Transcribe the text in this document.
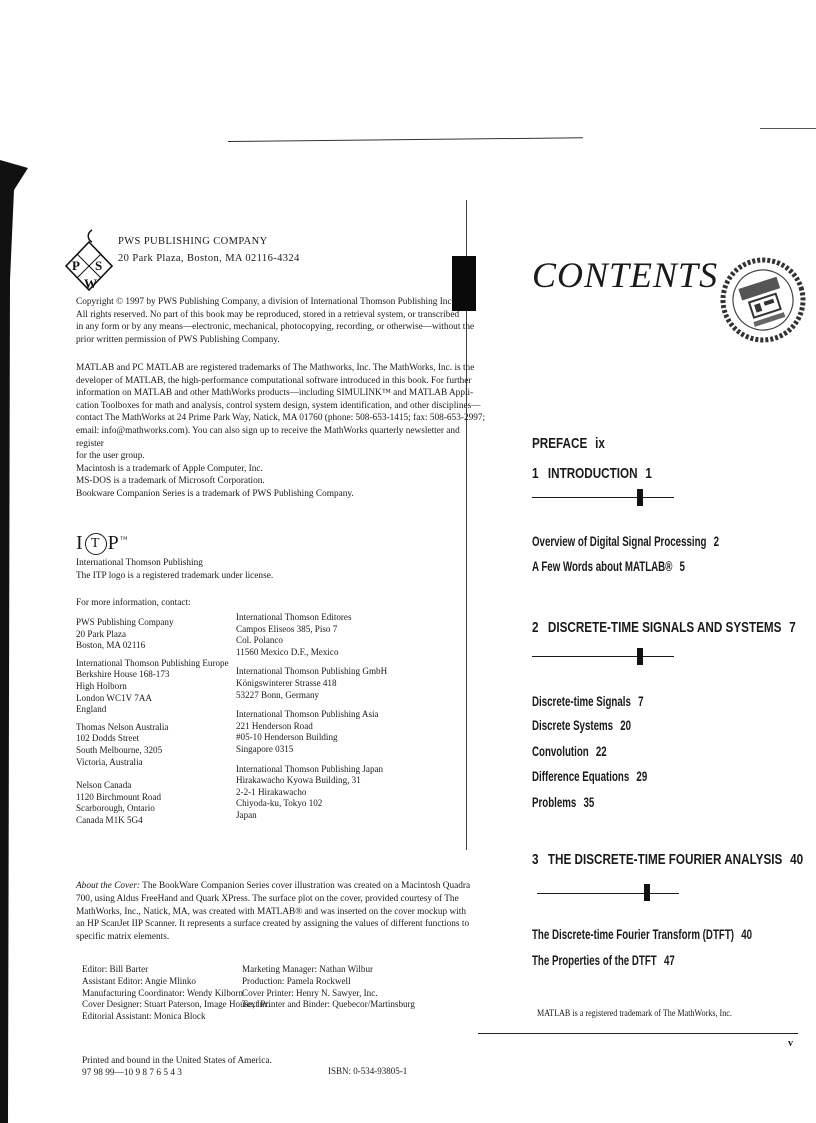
P S
W
PWS PUBLISHING COMPANY
20 Park Plaza, Boston, MA 02116-4324

Copyright © 1997 by PWS Publishing Company, a division of International Thomson Publishing Inc.

All rights reserved. No part of this book may be reproduced, stored in a retrieval system, or transcribed

in any form or by any means—electronic, mechanical, photocopying, recording, or otherwise—without the

prior written permission of PWS Publishing Company.

MATLAB and PC MATLAB are registered trademarks of The Mathworks, Inc. The MathWorks, Inc. is the

developer of MATLAB, the high-performance computational software introduced in this book. For further

information on MATLAB and other MathWorks products—including SIMULINK™ and MATLAB Appli-

cation Toolboxes for math and analysis, control system design, system identification, and other disciplines—

contact The MathWorks at 24 Prime Park Way, Natick, MA 01760 (phone: 508-653-1415; fax: 508-653-2997;

email: info@mathworks.com). You can also sign up to receive the MathWorks quarterly newsletter and register

for the user group.

Macintosh is a trademark of Apple Computer, Inc.

MS-DOS is a trademark of Microsoft Corporation.

Bookware Companion Series is a trademark of PWS Publishing Company.

I T P™

International Thomson Publishing

The ITP logo is a registered trademark under license.

For more information, contact:
PWS Publishing Company
20 Park Plaza
Boston, MA 02116
International Thomson Publishing Europe
Berkshire House 168-173
High Holborn
London WC1V 7AA
England
Thomas Nelson Australia
102 Dodds Street
South Melbourne, 3205
Victoria, Australia
Nelson Canada
1120 Birchmount Road
Scarborough, Ontario
Canada M1K 5G4
International Thomson Editores
Campos Eliseos 385, Piso 7
Col. Polanco
11560 Mexico D.F., Mexico
International Thomson Publishing GmbH
Königswinterer Strasse 418
53227 Bonn, Germany
International Thomson Publishing Asia
221 Henderson Road
#05-10 Henderson Building
Singapore 0315
International Thomson Publishing Japan
Hirakawacho Kyowa Building, 31
2-2-1 Hirakawacho
Chiyoda-ku, Tokyo 102
Japan
About the Cover: The BookWare Companion Series cover illustration was created on a Macintosh Quadra
700, using Aldus FreeHand and Quark XPress. The surface plot on the cover, provided courtesy of The
MathWorks, Inc., Natick, MA, was created with MATLAB® and was inserted on the cover mockup with
an HP ScanJet IIP Scanner. It represents a surface created by assigning the values of different functions to
specific matrix elements.
Editor: Bill Barter
Assistant Editor: Angie Mlinko
Manufacturing Coordinator: Wendy Kilborn
Cover Designer: Stuart Paterson, Image House, Inc.
Editorial Assistant: Monica Block
Marketing Manager: Nathan Wilbur
Production: Pamela Rockwell
Cover Printer: Henry N. Sawyer, Inc.
Text Printer and Binder: Quebecor/Martinsburg
Printed and bound in the United States of America.
97 98 99—10 9 8 7 6 5 4 3	ISBN: 0-534-93805-1
CONTENTS
PREFACE ix
1 INTRODUCTION 1
Overview of Digital Signal Processing 2
A Few Words about MATLAB® 5
2 DISCRETE-TIME SIGNALS AND SYSTEMS 7
Discrete-time Signals 7
Discrete Systems 20
Convolution 22
Difference Equations 29
Problems 35
3 THE DISCRETE-TIME FOURIER ANALYSIS 40
The Discrete-time Fourier Transform (DTFT) 40
The Properties of the DTFT 47
MATLAB is a registered trademark of The MathWorks, Inc.
v
